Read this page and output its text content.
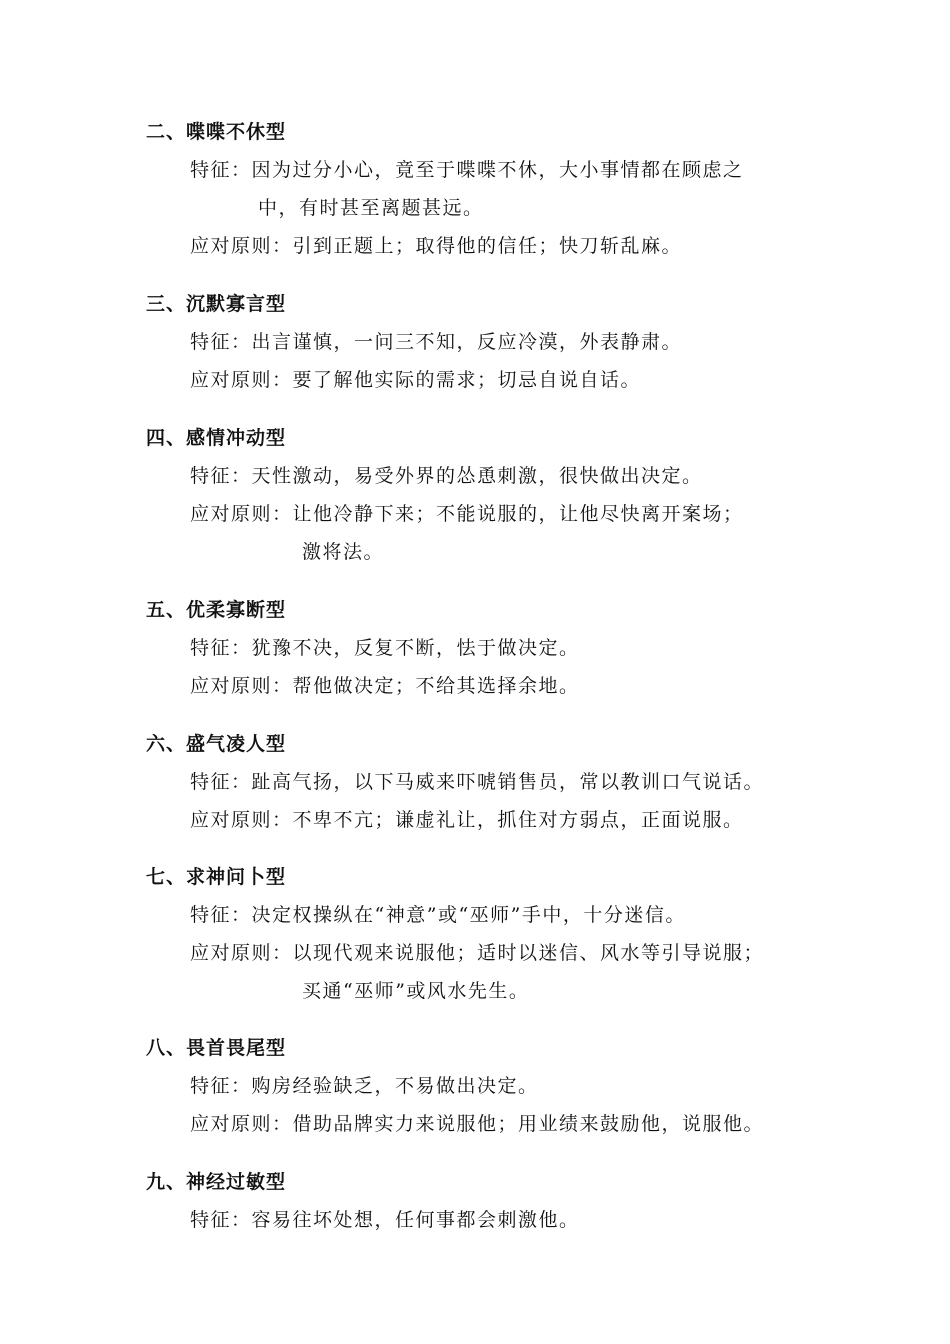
二、喋喋不休型
特征：因为过分小心，竟至于喋喋不休，大小事情都在顾虑之
中，有时甚至离题甚远。
应对原则：引到正题上；取得他的信任；快刀斩乱麻。
三、沉默寡言型
特征：出言谨慎，一问三不知，反应冷漠，外表静肃。
应对原则：要了解他实际的需求；切忌自说自话。
四、感情冲动型
特征：天性激动，易受外界的怂恿刺激，很快做出决定。
应对原则：让他冷静下来；不能说服的，让他尽快离开案场；
激将法。
五、优柔寡断型
特征：犹豫不决，反复不断，怯于做决定。
应对原则：帮他做决定；不给其选择余地。
六、盛气凌人型
特征：趾高气扬，以下马威来吓唬销售员，常以教训口气说话。
应对原则：不卑不亢；谦虚礼让，抓住对方弱点，正面说服。
七、求神问卜型
特征：决定权操纵在“神意”或“巫师”手中，十分迷信。
应对原则：以现代观来说服他；适时以迷信、风水等引导说服；
买通“巫师”或风水先生。
八、畏首畏尾型
特征：购房经验缺乏，不易做出决定。
应对原则：借助品牌实力来说服他；用业绩来鼓励他，说服他。
九、神经过敏型
特征：容易往坏处想，任何事都会刺激他。
